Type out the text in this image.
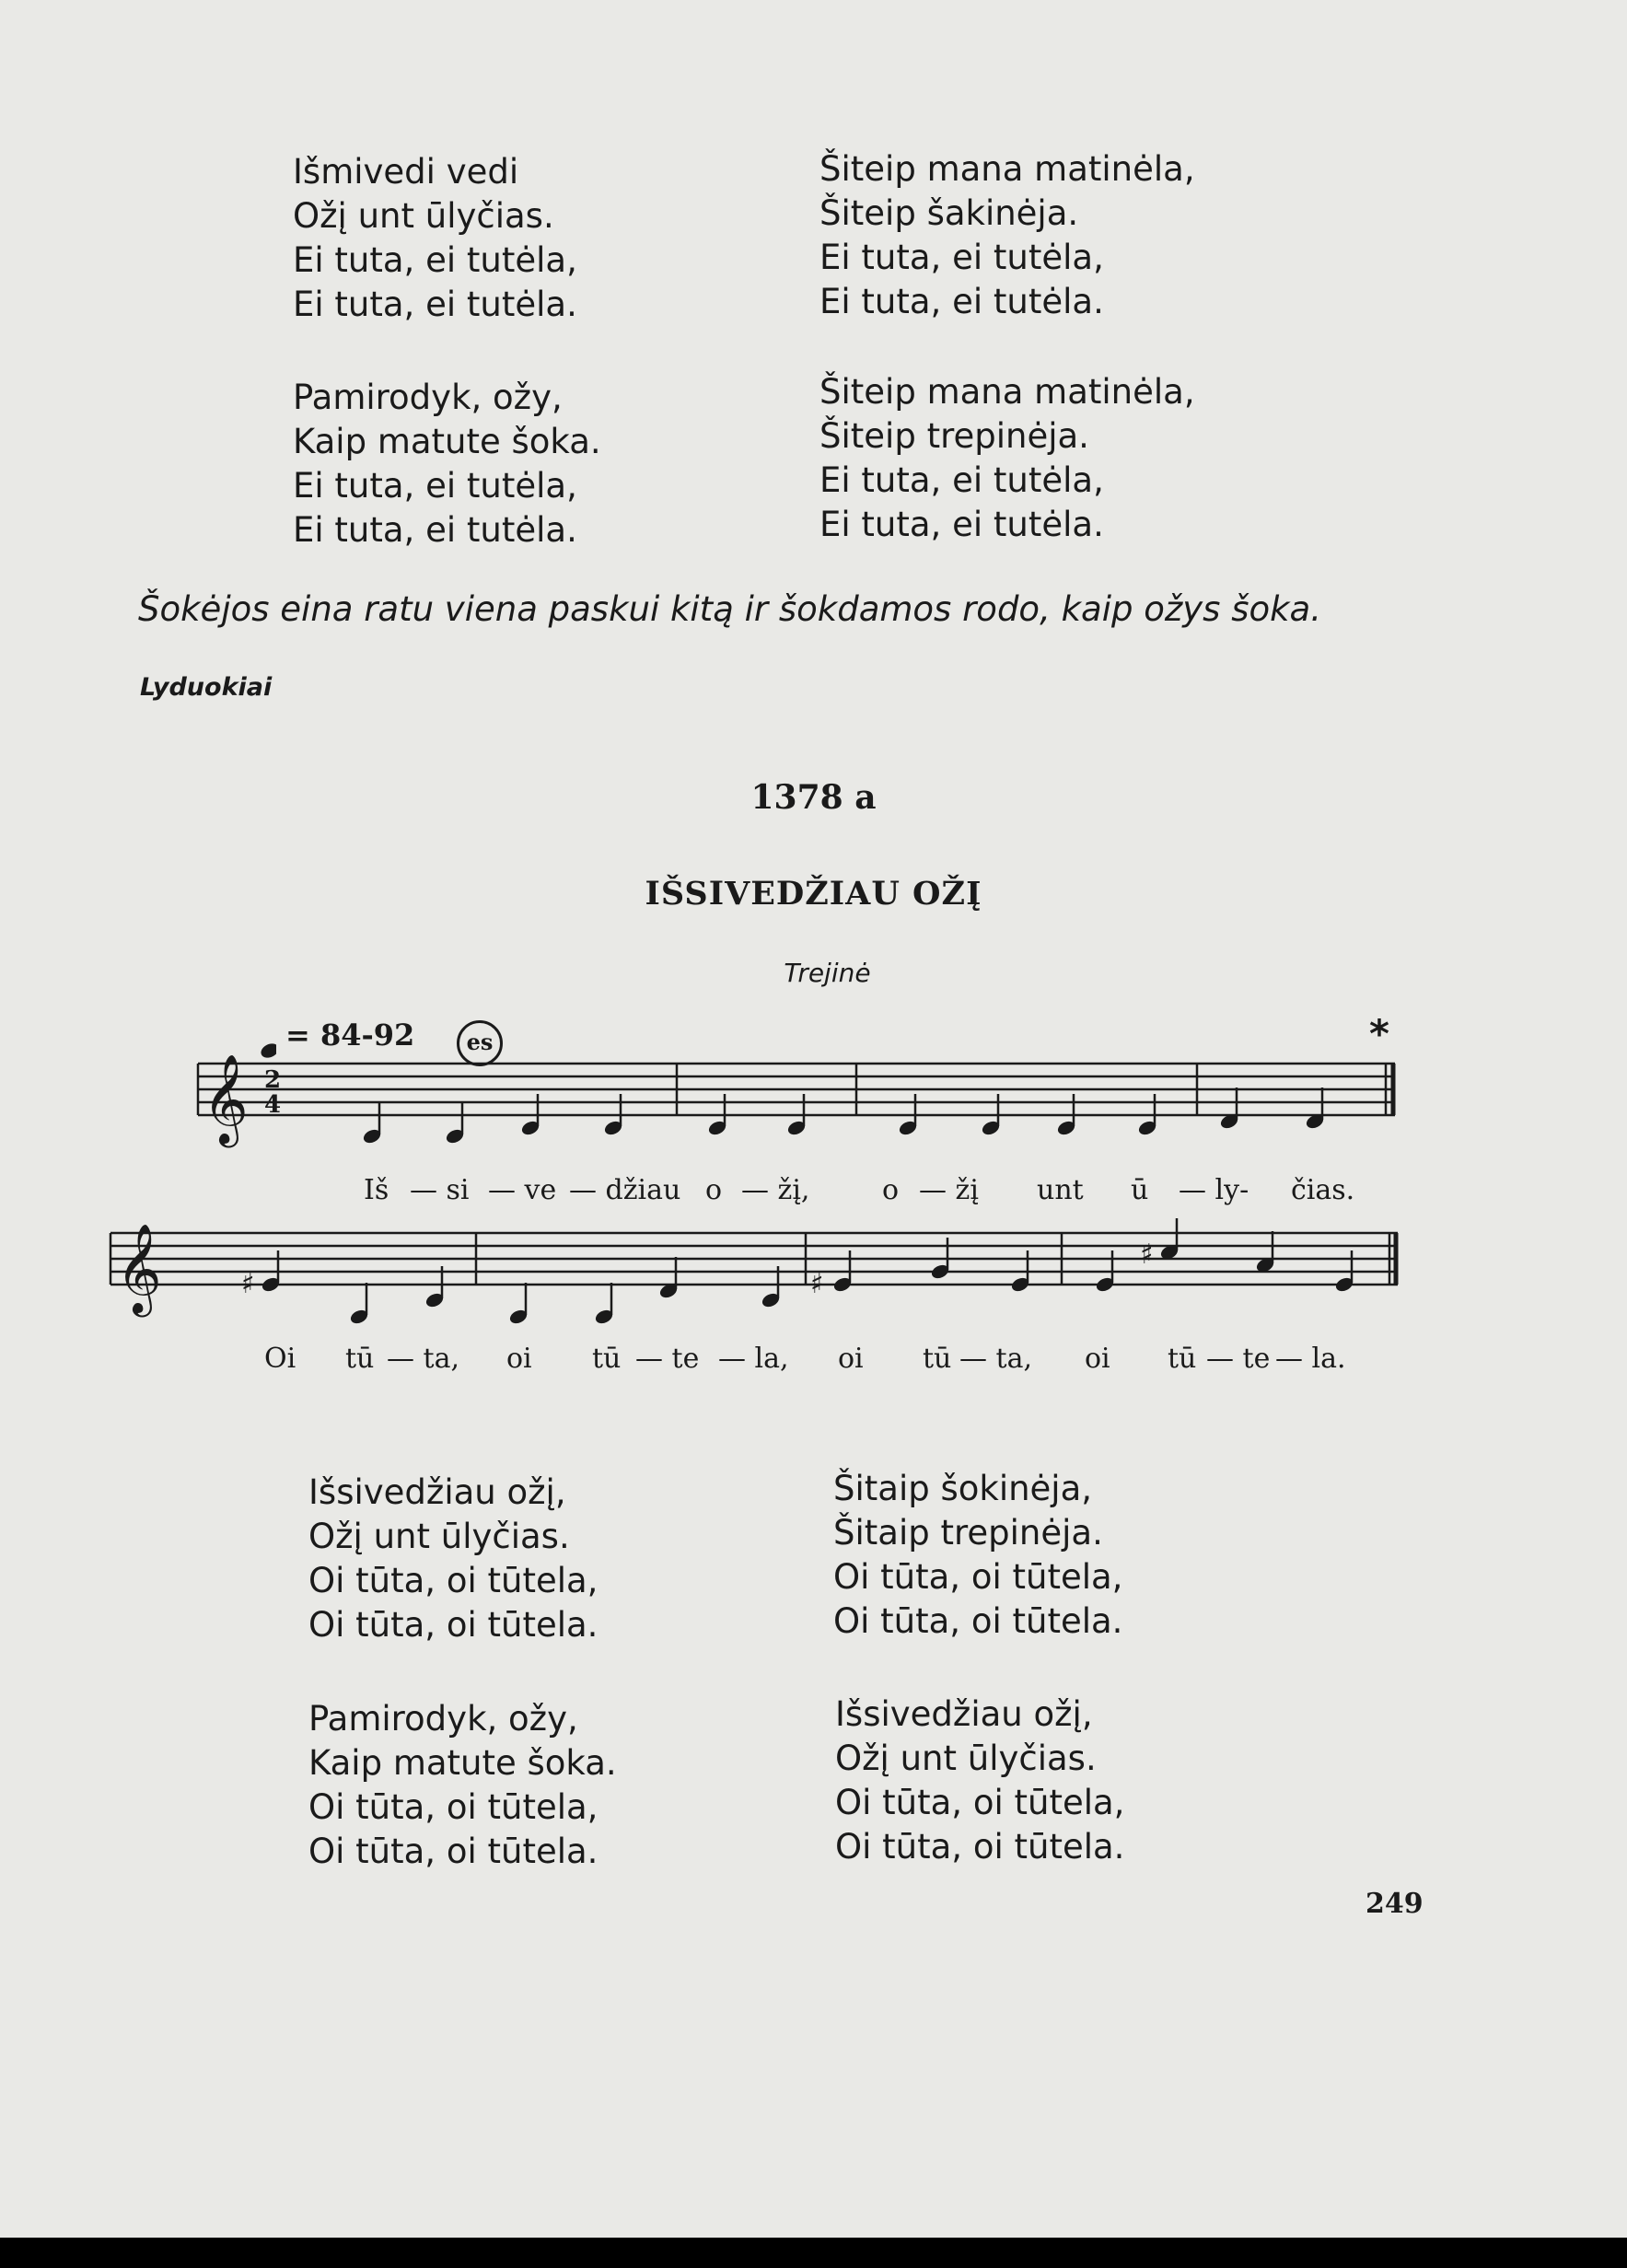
Išmivedi vedi
Ožį unt ūlyčias.
Ei tuta, ei tutėla,
Ei tuta, ei tutėla.
Pamirodyk, ožy,
Kaip matute šoka.
Ei tuta, ei tutėla,
Ei tuta, ei tutėla.
Šiteip mana matinėla,
Šiteip šakinėja.
Ei tuta, ei tutėla,
Ei tuta, ei tutėla.
Šiteip mana matinėla,
Šiteip trepinėja.
Ei tuta, ei tutėla,
Ei tuta, ei tutėla.
Šokėjos eina ratu viena paskui kitą ir šokdamos rodo, kaip ožys šoka.
Lyduokiai
1378 a
IŠSIVEDŽIAU OŽĮ
Trejinė
= 84-92	es	*
𝄞 2
4
Iš — si — ve — džiau o — žį,	o — žį unt ū — ly- čias.
𝄞	♯	♯
♯
Oi tū — ta, oi tū — te — la, oi tū — ta, oi tū — te — la.
Išsivedžiau ožį,
Ožį unt ūlyčias.
Oi tūta, oi tūtela,
Oi tūta, oi tūtela.
Pamirodyk, ožy,
Kaip matute šoka.
Oi tūta, oi tūtela,
Oi tūta, oi tūtela.
Šitaip šokinėja,
Šitaip trepinėja.
Oi tūta, oi tūtela,
Oi tūta, oi tūtela.
Išsivedžiau ožį,
Ožį unt ūlyčias.
Oi tūta, oi tūtela,
Oi tūta, oi tūtela.
249
